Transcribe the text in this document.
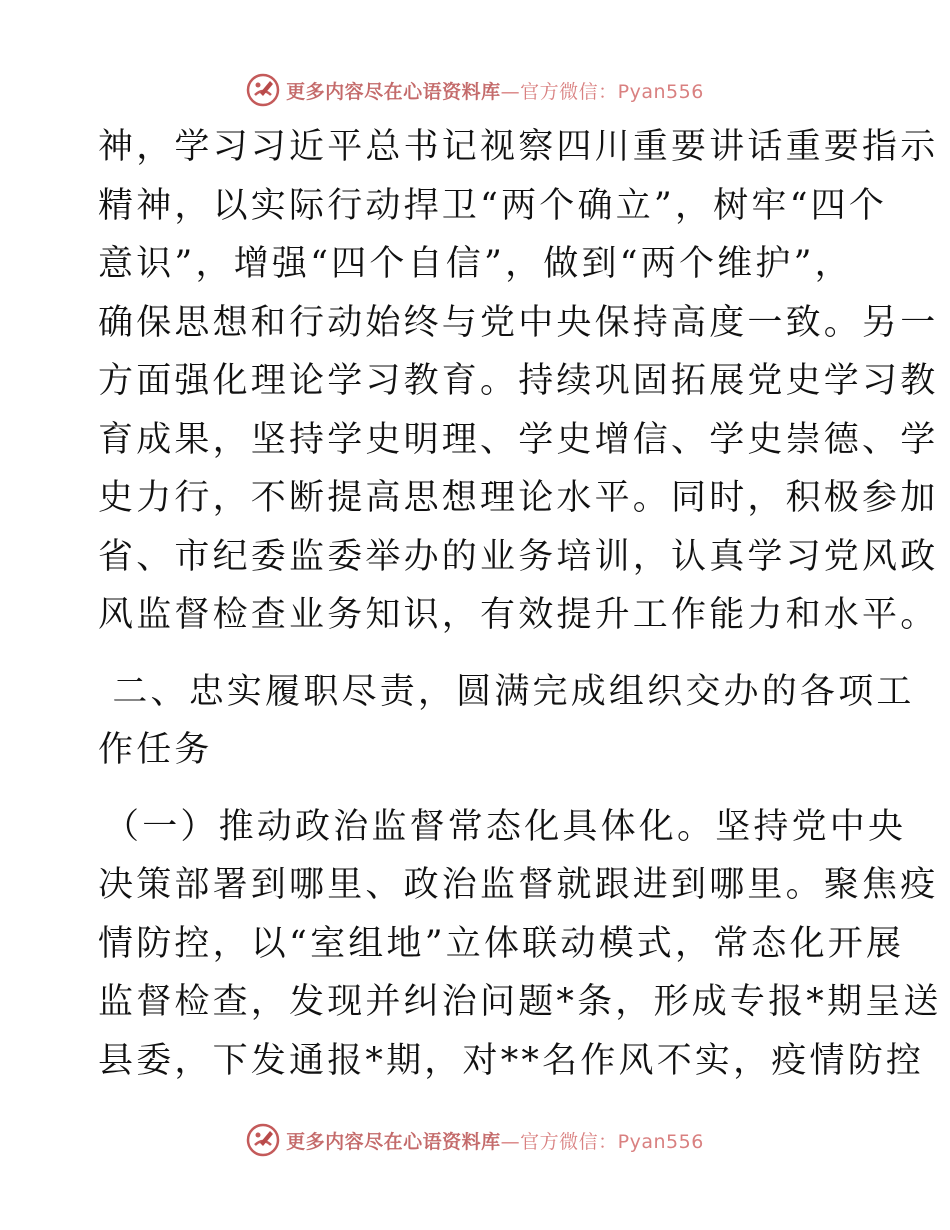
更多内容尽在心语资料库—官方微信：Pyan556

神，学习习近平总书记视察四川重要讲话重要指示
精神，以实际行动捍卫“两个确立”，树牢“四个
意识”，增强“四个自信”，做到“两个维护”，
确保思想和行动始终与党中央保持高度一致。另一
方面强化理论学习教育。持续巩固拓展党史学习教
育成果，坚持学史明理、学史增信、学史崇德、学
史力行，不断提高思想理论水平。同时，积极参加
省、市纪委监委举办的业务培训，认真学习党风政
风监督检查业务知识，有效提升工作能力和水平。

二、忠实履职尽责，圆满完成组织交办的各项工
作任务

（一）推动政治监督常态化具体化。坚持党中央
决策部署到哪里、政治监督就跟进到哪里。聚焦疫
情防控，以“室组地”立体联动模式，常态化开展
监督检查，发现并纠治问题*条，形成专报*期呈送
县委，下发通报*期，对**名作风不实，疫情防控

更多内容尽在心语资料库—官方微信：Pyan556
